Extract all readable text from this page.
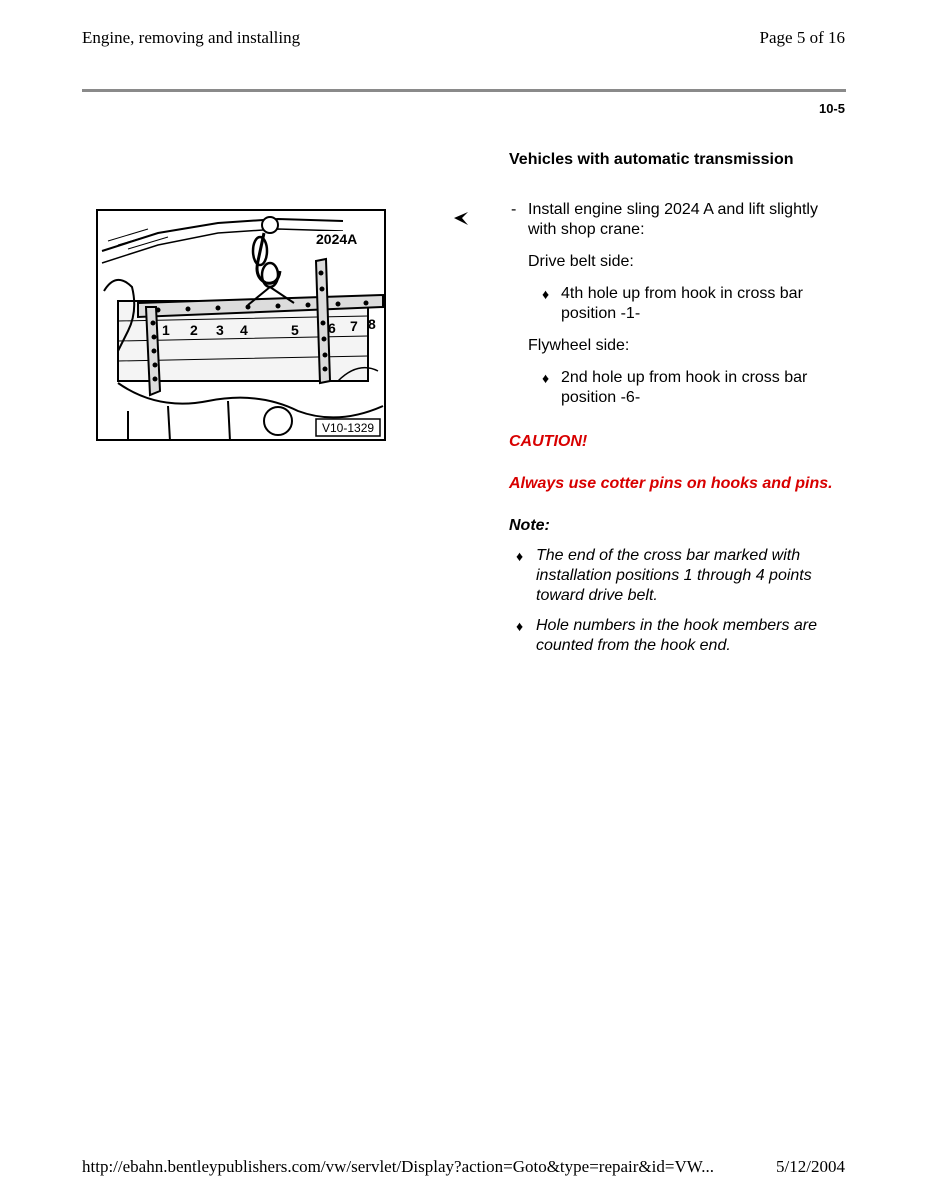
Engine, removing and installing	Page 5 of 16
10-5
2024A
1 2 3 4	5 6 7 8
V10-1329

Vehicles with automatic transmission

- Install engine sling 2024 A and lift slightly with shop crane:
Drive belt side:
♦ 4th hole up from hook in cross bar position -1-
Flywheel side:
♦ 2nd hole up from hook in cross bar position -6-
CAUTION!
Always use cotter pins on hooks and pins.
Note:
♦ The end of the cross bar marked with installation positions 1 through 4 points toward drive belt.
♦ Hole numbers in the hook members are counted from the hook end.
http://ebahn.bentleypublishers.com/vw/servlet/Display?action=Goto&type=repair&id=VW...	5/12/2004
